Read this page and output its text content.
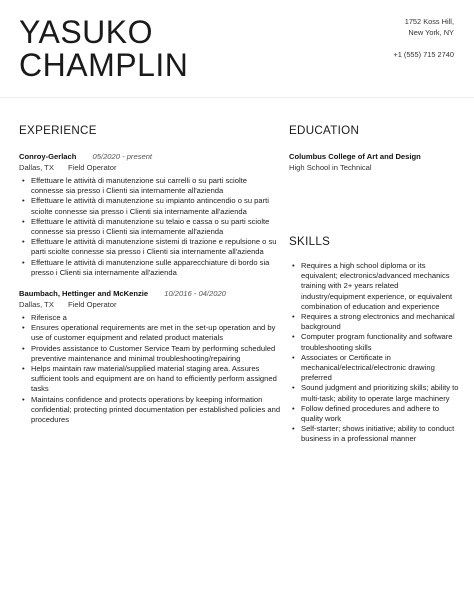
YASUKO
CHAMPLIN
1752 Koss Hill,
New York, NY
+1 (555) 715 2740
EXPERIENCE	EDUCATION
Conroy-Gerlach 05/2020 - present
Dallas, TX Field Operator
• Effettuare le attività di manutenzione sui carrelli o su parti sciolte connesse sia presso i Clienti sia internamente all'azienda
• Effettuare le attività di manutenzione su impianto antincendio o su parti sciolte connesse sia presso i Clienti sia internamente all'azienda
• Effettuare le attività di manutenzione su telaio e cassa o su parti sciolte connesse sia presso i Clienti sia internamente all'azienda
• Effettuare le attività di manutenzione sistemi di trazione e repulsione o su parti sciolte connesse sia presso i Clienti sia internamente all'azienda
• Effettuare le attività di manutenzione sulle apparecchiature di bordo sia presso i Clienti sia internamente all'azienda
Baumbach, Hettinger and McKenzie 10/2016 - 04/2020
Dallas, TX Field Operator
• Riferisce a
• Ensures operational requirements are met in the set-up operation and by use of customer equipment and related product materials
• Provides assistance to Customer Service Team by performing scheduled preventive maintenance and minimal troubleshooting/repairing
• Helps maintain raw material/supplied material staging area. Assures sufficient tools and equipment are on hand to efficiently perform assigned tasks
• Maintains confidence and protects operations by keeping information confidential; protecting printed documentation per established policies and procedures
Columbus College of Art and Design
High School in Technical
SKILLS
• Requires a high school diploma or its equivalent; electronics/advanced mechanics training with 2+ years related industry/equipment experience, or equivalent combination of education and experience
• Requires a strong electronics and mechanical background
• Computer program functionality and software troubleshooting skills
• Associates or Certificate in mechanical/electrical/electronic drawing preferred
• Sound judgment and prioritizing skills; ability to multi-task; ability to operate large machinery
• Follow defined procedures and adhere to quality work
• Self-starter; shows initiative; ability to conduct business in a professional manner
